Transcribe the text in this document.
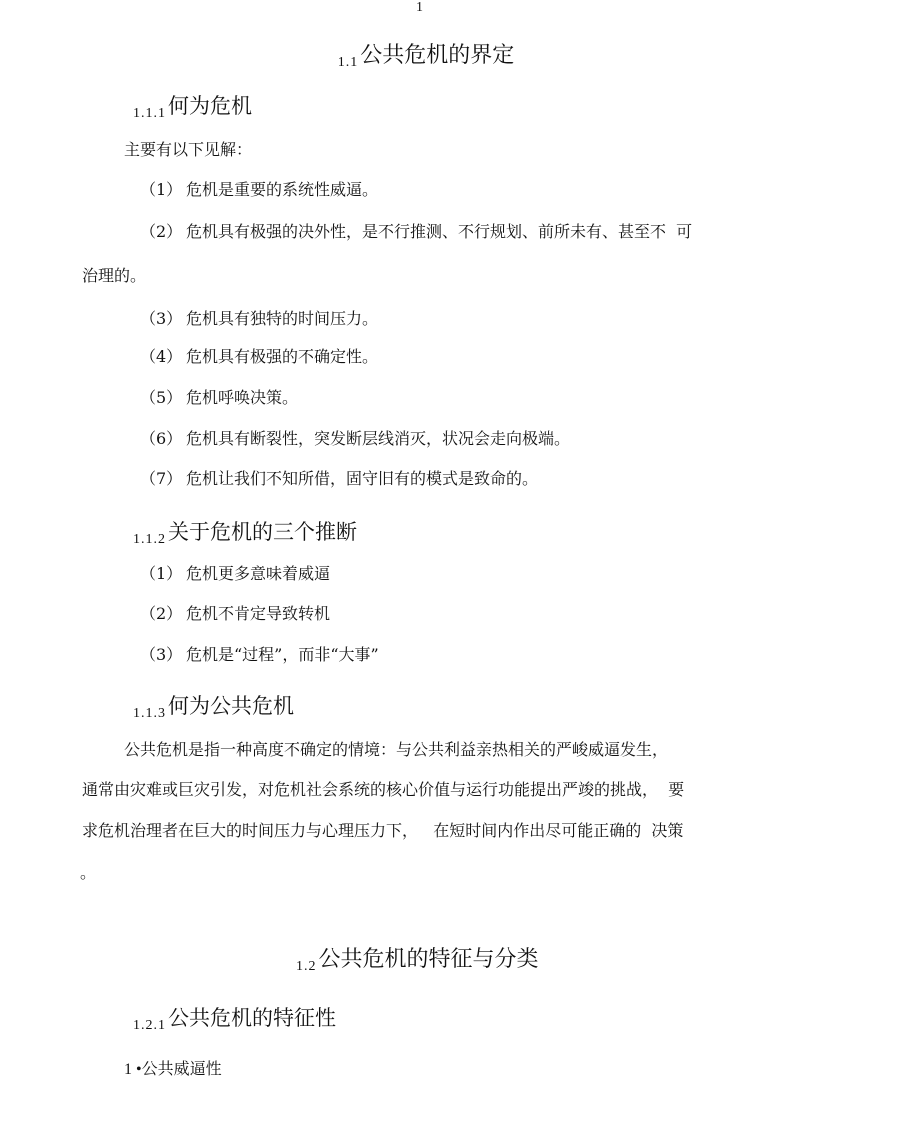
1
1.1公共危机的界定
1.1.1何为危机
主要有以下见解：
（1） 危机是重要的系统性威逼。
（2） 危机具有极强的决外性，是不行推测、不行规划、前所未有、甚至不  可
治理的。
（3） 危机具有独特的时间压力。
（4） 危机具有极强的不确定性。
（5） 危机呼唤决策。
（6） 危机具有断裂性，突发断层线消灭，状况会走向极端。
（7） 危机让我们不知所借，固守旧有的模式是致命的。
1.1.2关于危机的三个推断
（1） 危机更多意味着威逼
（2） 危机不肯定导致转机
（3） 危机是“过程”，而非“大事”
1.1.3何为公共危机
公共危机是指一种高度不确定的情境：与公共利益亲热相关的严峻威逼发生，
通常由灾难或巨灾引发，对危机社会系统的核心价值与运行功能提出严竣的挑战，  要
求危机治理者在巨大的时间压力与心理压力下，   在短时间内作出尽可能正确的  决策
。
1.2公共危机的特征与分类
1.2.1公共危机的特征性
1 •公共威逼性
